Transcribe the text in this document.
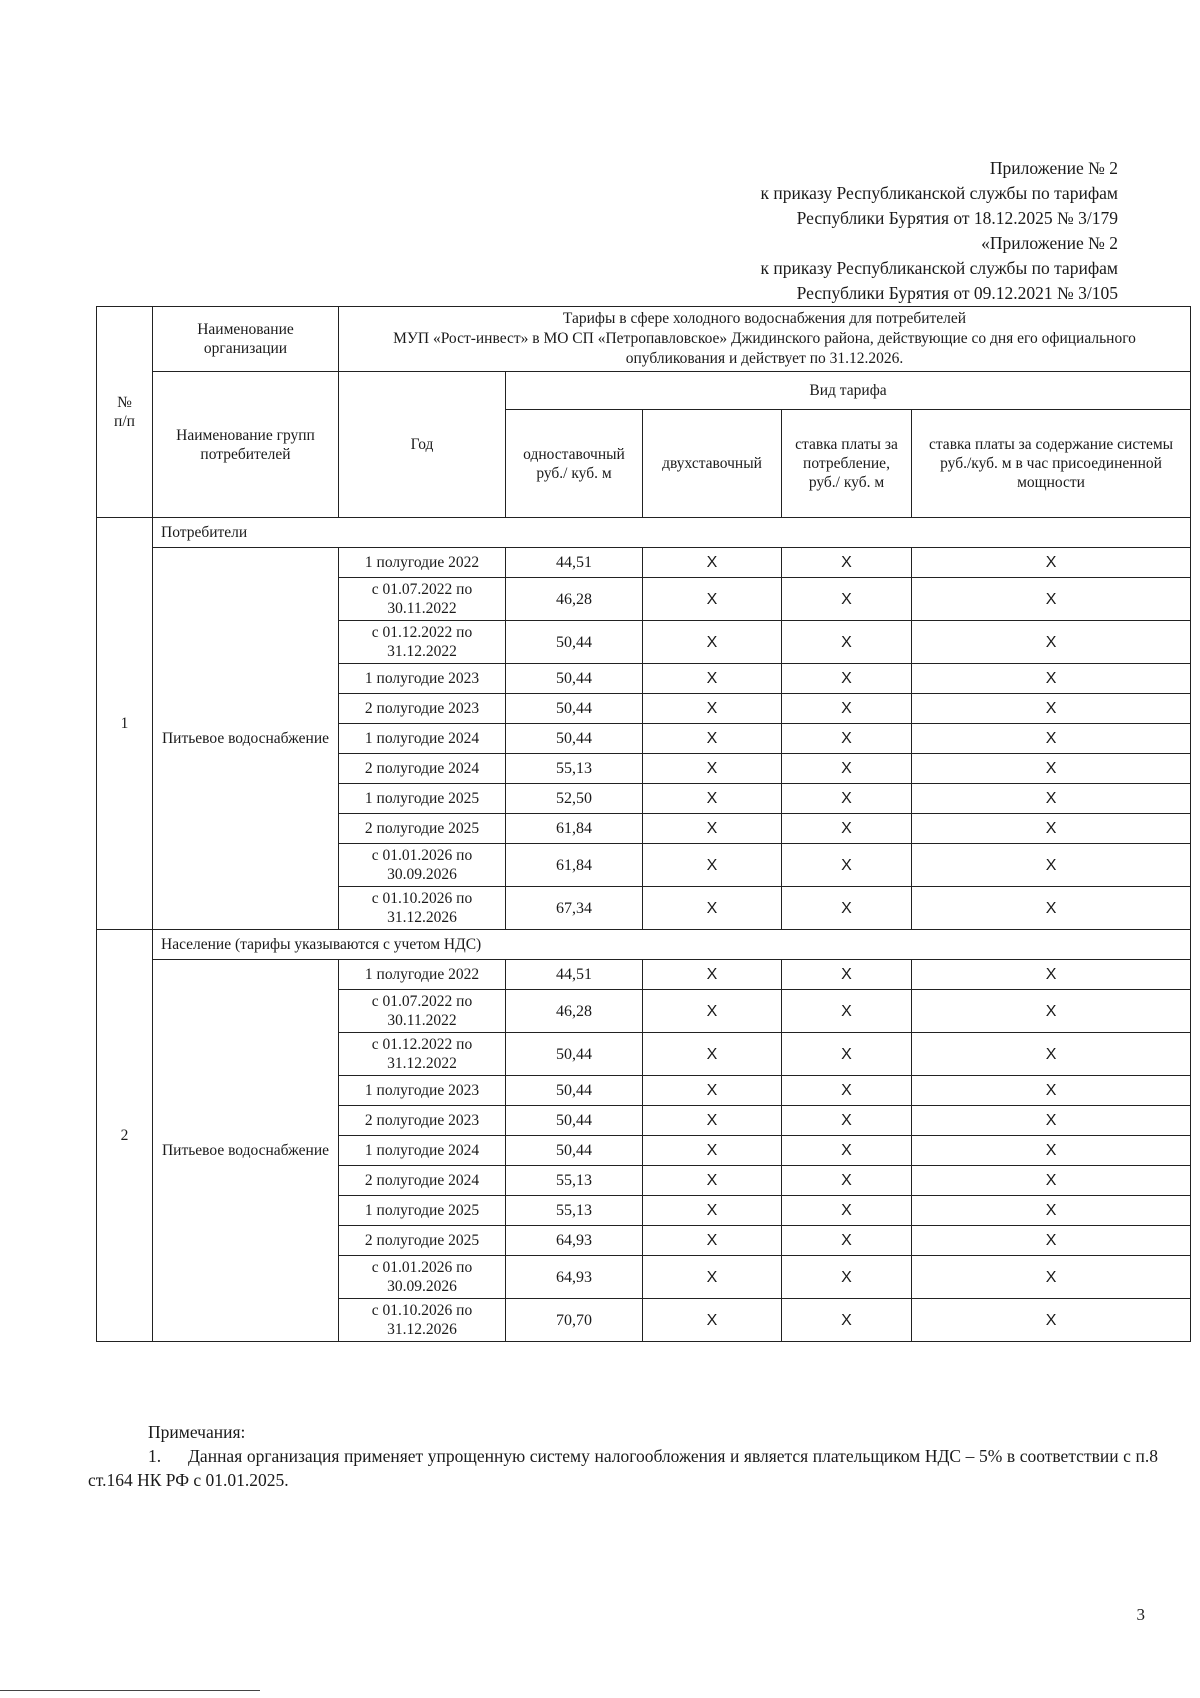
Приложение № 2
к приказу Республиканской службы по тарифам
Республики Бурятия от 18.12.2025 № 3/179
«Приложение № 2
к приказу Республиканской службы по тарифам
Республики Бурятия от 09.12.2021 № 3/105
№
п/п	Наименование организации	Тарифы в сфере холодного водоснабжения для потребителей
МУП «Рост-инвест» в МО СП «Петропавловское» Джидинского района, действующие со дня его официального опубликования и действует по 31.12.2026.				
	Наименование групп потребителей	Год	Вид тарифа			
			одноставочный руб./ куб. м	двухставочный	ставка платы за потребление, руб./ куб. м	ставка платы за содержание системы руб./куб. м в час присоединенной мощности
1	Потребители					
	Питьевое водоснабжение	1 полугодие 2022	44,51	X	X	X
		с 01.07.2022 по 30.11.2022	46,28	X	X	X
		с 01.12.2022 по 31.12.2022	50,44	X	X	X
		1 полугодие 2023	50,44	X	X	X
		2 полугодие 2023	50,44	X	X	X
		1 полугодие 2024	50,44	X	X	X
		2 полугодие 2024	55,13	X	X	X
		1 полугодие 2025	52,50	X	X	X
		2 полугодие 2025	61,84	X	X	X
		с 01.01.2026 по 30.09.2026	61,84	X	X	X
		с 01.10.2026 по 31.12.2026	67,34	X	X	X
2	Население (тарифы указываются с учетом НДС)					
	Питьевое водоснабжение	1 полугодие 2022	44,51	X	X	X
		с 01.07.2022 по 30.11.2022	46,28	X	X	X
		с 01.12.2022 по 31.12.2022	50,44	X	X	X
		1 полугодие 2023	50,44	X	X	X
		2 полугодие 2023	50,44	X	X	X
		1 полугодие 2024	50,44	X	X	X
		2 полугодие 2024	55,13	X	X	X
		1 полугодие 2025	55,13	X	X	X
		2 полугодие 2025	64,93	X	X	X
		с 01.01.2026 по 30.09.2026	64,93	X	X	X
		с 01.10.2026 по 31.12.2026	70,70	X	X	X
Примечания:
1. Данная организация применяет упрощенную систему налогообложения и является плательщиком НДС – 5% в соответствии с п.8 ст.164 НК РФ с 01.01.2025.
3
